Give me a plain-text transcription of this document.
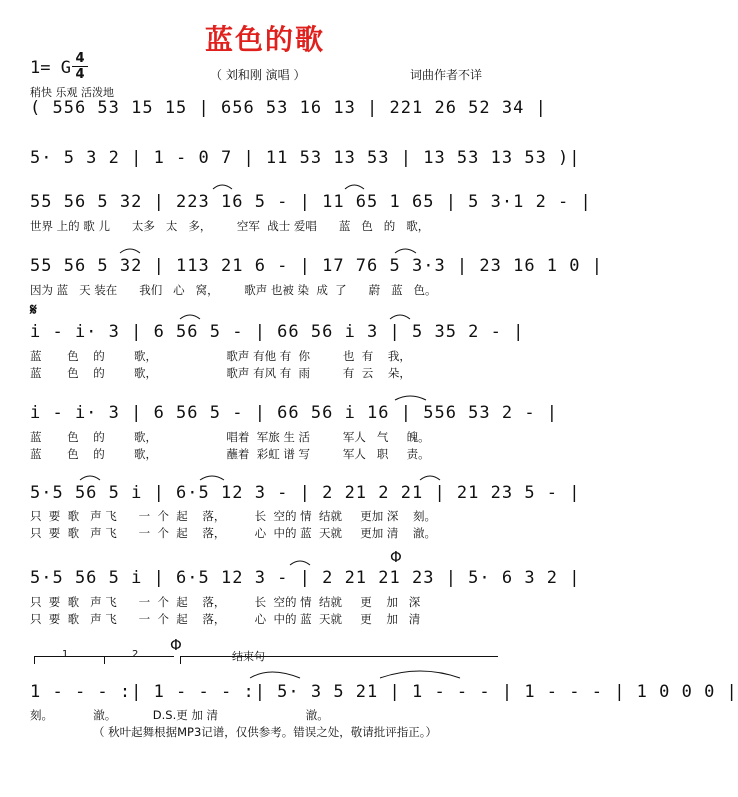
蓝色的歌
1= G 4
4	（ 刘和刚 演唱 ）	词曲作者不详
稍快 乐观 活泼地
( 556 53 15 15 | 656 53 16 13 | 221 26 52 34 |
5· 5 3 2 | 1 - 0 7 | 11 53 13 53 | 13 53 13 53 )|
55 56 5 32 | 223 16 5 - | 11 65 1 65 | 5 3·1 2 - |
世界 上的 歌 儿      太多   太   多，       空军  战士 爱唱      蓝   色   的   歌，
55 56 5 32 | 113 21 6 - | 17 76 5 3·3 | 23 16 1 0 |
因为 蓝   天 装在      我们   心   窝，       歌声 也被 染  成  了      蔚   蓝   色。
𝄋
i - i· 3 | 6 56 5 - | 66 56 i 3 | 5 35 2 - |
蓝       色    的        歌，                   歌声 有他 有  你         也  有    我，
蓝       色    的        歌，                   歌声 有风 有  雨         有  云    朵，
i - i· 3 | 6 56 5 - | 66 56 i 16 | 556 53 2 - |
蓝       色    的        歌，                   唱着  军旅 生 活         军人   气     魄。
蓝       色    的        歌，                   蘸着  彩虹 谱 写         军人   职     责。
5·5 56 5 i | 6·5 12 3 - | 2 21 2 21 | 21 23 5 - |
只  要  歌   声 飞      一  个  起    落，        长  空的 情  结就     更加 深    刻。
只  要  歌   声 飞      一  个  起    落，        心  中的 蓝  天就     更加 清    澈。
Φ
5·5 56 5 i | 6·5 12 3 - | 2 21 21 23 | 5· 6 3 2 |
只  要  歌   声 飞      一  个  起    落，        长  空的 情  结就     更    加   深
只  要  歌   声 飞      一  个  起    落，        心  中的 蓝  天就     更    加   清
Φ
1	2	结束句
1 - - - :| 1 - - - :| 5· 3 5 21 | 1 - - - | 1 - - - | 1 0 0 0 |
刻。           澈。          D.S.更 加 清                        澈。
（ 秋叶起舞根据MP3记谱，仅供参考。错误之处，敬请批评指正。）
